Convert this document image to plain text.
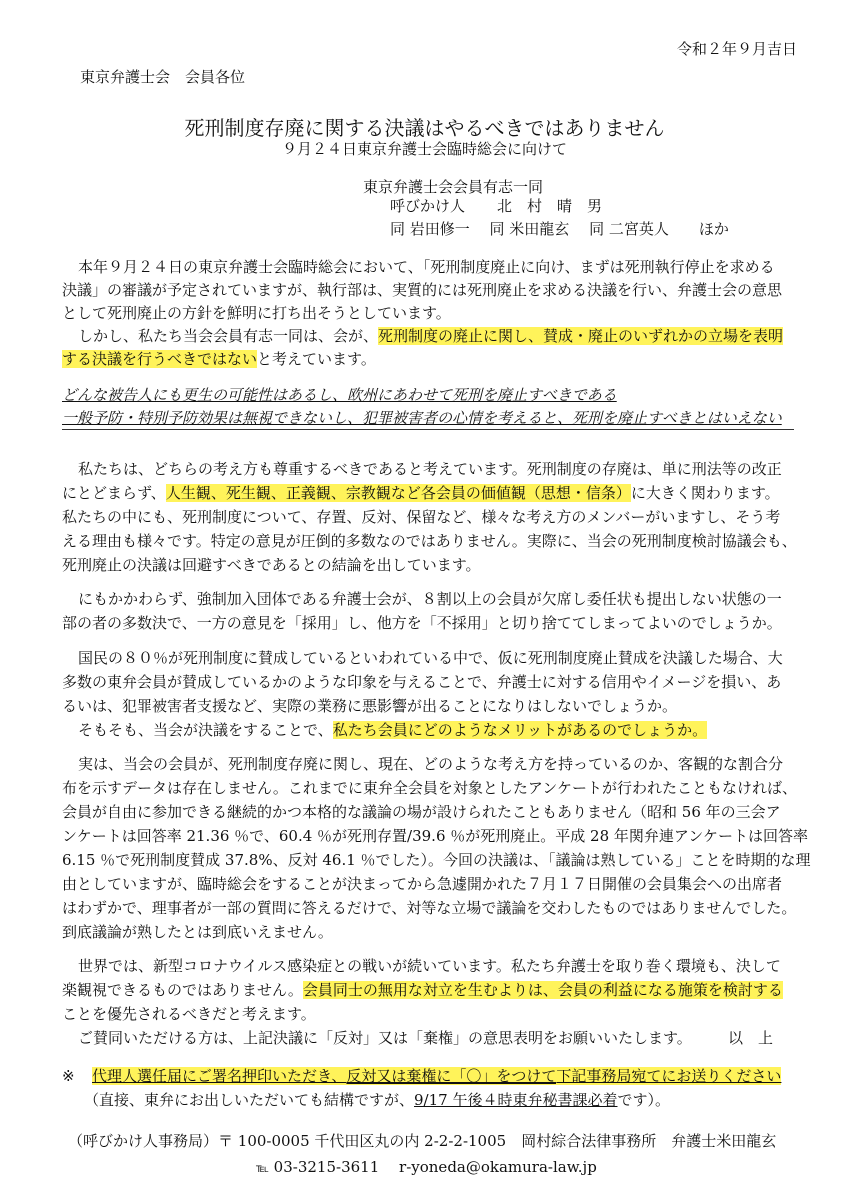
令和２年９月吉日
東京弁護士会　会員各位
死刑制度存廃に関する決議はやるべきではありません
９月２４日東京弁護士会臨時総会に向けて
東京弁護士会会員有志一同
呼びかけ人 北　村　晴　男
同 岩田修一　 同 米田龍玄　 同 二宮英人　　ほか
本年９月２４日の東京弁護士会臨時総会において、「死刑制度廃止に向け、まずは死刑執行停止を求める
決議」の審議が予定されていますが、執行部は、実質的には死刑廃止を求める決議を行い、弁護士会の意思
として死刑廃止の方針を鮮明に打ち出そうとしています。
しかし、私たち当会会員有志一同は、会が、死刑制度の廃止に関し、賛成・廃止のいずれかの立場を表明
する決議を行うべきではないと考えています。
どんな被告人にも更生の可能性はあるし、欧州にあわせて死刑を廃止すべきである
一般予防・特別予防効果は無視できないし、犯罪被害者の心情を考えると、死刑を廃止すべきとはいえない
私たちは、どちらの考え方も尊重するべきであると考えています。死刑制度の存廃は、単に刑法等の改正
にとどまらず、人生観、死生観、正義観、宗教観など各会員の価値観（思想・信条）に大きく関わります。
私たちの中にも、死刑制度について、存置、反対、保留など、様々な考え方のメンバーがいますし、そう考
える理由も様々です。特定の意見が圧倒的多数なのではありません。実際に、当会の死刑制度検討協議会も、
死刑廃止の決議は回避すべきであるとの結論を出しています。
にもかかわらず、強制加入団体である弁護士会が、８割以上の会員が欠席し委任状も提出しない状態の一
部の者の多数決で、一方の意見を「採用」し、他方を「不採用」と切り捨ててしまってよいのでしょうか。
国民の８０％が死刑制度に賛成しているといわれている中で、仮に死刑制度廃止賛成を決議した場合、大
多数の東弁会員が賛成しているかのような印象を与えることで、弁護士に対する信用やイメージを損い、あ
るいは、犯罪被害者支援など、実際の業務に悪影響が出ることになりはしないでしょうか。
そもそも、当会が決議をすることで、私たち会員にどのようなメリットがあるのでしょうか。
実は、当会の会員が、死刑制度存廃に関し、現在、どのような考え方を持っているのか、客観的な割合分
布を示すデータは存在しません。これまでに東弁全会員を対象としたアンケートが行われたこともなければ、
会員が自由に参加できる継続的かつ本格的な議論の場が設けられたこともありません（昭和 56 年の三会ア
ンケートは回答率 21.36 ％で、60.4 ％が死刑存置/39.6 ％が死刑廃止。平成 28 年関弁連アンケートは回答率
6.15 ％で死刑制度賛成 37.8%、反対 46.1 ％でした）。今回の決議は、「議論は熟している」ことを時期的な理
由としていますが、臨時総会をすることが決まってから急遽開かれた７月１７日開催の会員集会への出席者
はわずかで、理事者が一部の質問に答えるだけで、対等な立場で議論を交わしたものではありませんでした。
到底議論が熟したとは到底いえません。
世界では、新型コロナウイルス感染症との戦いが続いています。私たち弁護士を取り巻く環境も、決して
楽観視できるものではありません。会員同士の無用な対立を生むよりは、会員の利益になる施策を検討する
ことを優先されるべきだと考えます。
ご賛同いただける方は、上記決議に「反対」又は「棄権」の意思表明をお願いいたします。 以　上
※ 代理人選任届にご署名押印いただき、反対又は棄権に「〇」をつけて下記事務局宛てにお送りください
（直接、東弁にお出しいただいても結構ですが、9/17 午後４時東弁秘書課必着です）。
（呼びかけ人事務局）〒 100-0005 千代田区丸の内 2-2-2-1005　岡村綜合法律事務所　弁護士米田龍玄
℡ 03-3215-3611　 r-yoneda@okamura-law.jp
